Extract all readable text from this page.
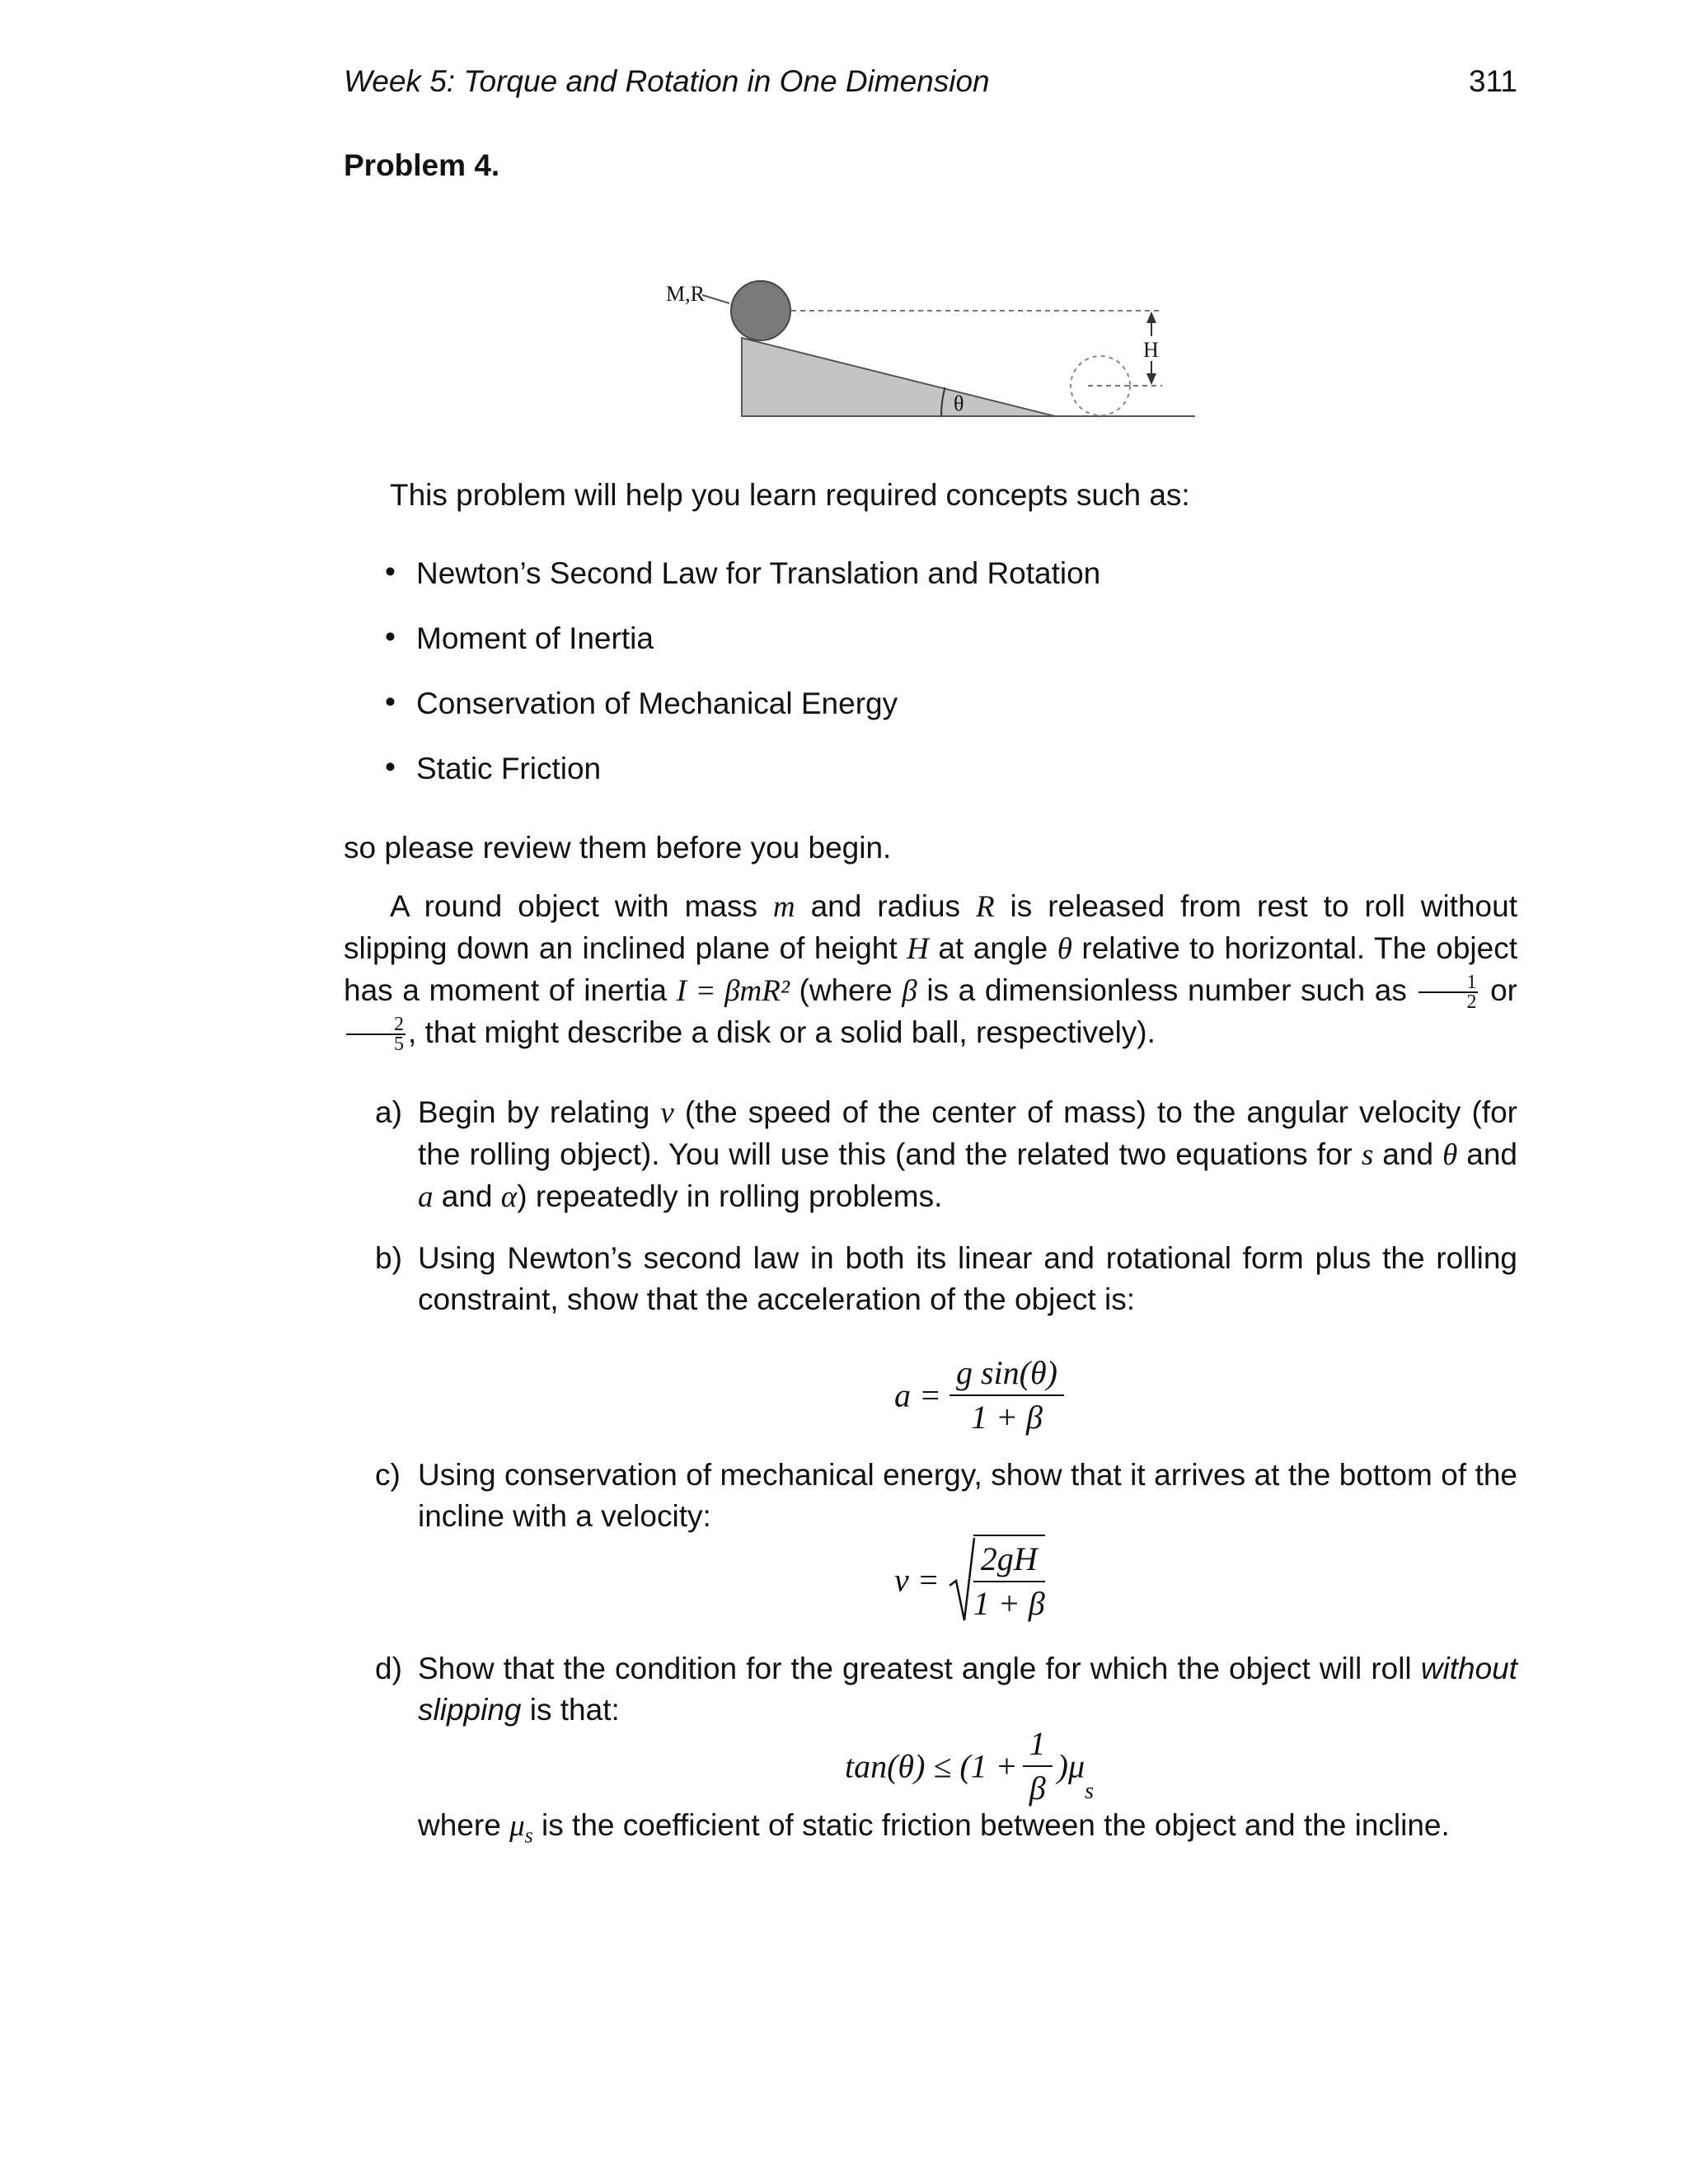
Week 5: Torque and Rotation in One Dimension	311
Problem 4.
M,R
H
θ
This problem will help you learn required concepts such as:
• Newton’s Second Law for Translation and Rotation
• Moment of Inertia
• Conservation of Mechanical Energy
• Static Friction
so please review them before you begin.
A round object with mass m and radius R is released from rest to roll without slipping down an inclined plane of height H at angle θ relative to horizontal. The object has a moment of inertia I = βmR² (where β is a dimensionless number such as $\frac{1}{2}$ or
$\frac{2}{5}$ , that might describe a disk or a solid ball, respectively).
a) Begin by relating v (the speed of the center of mass) to the angular velocity (for the rolling object). You will use this (and the related two equations for s and θ and a and α) repeatedly in rolling problems.
b) Using Newton’s second law in both its linear and rotational form plus the rolling constraint, show that the acceleration of the object is:
$a = \frac{\text{g sin(θ)}}{1 + \beta}$
c) Using conservation of mechanical energy, show that it arrives at the bottom of the incline with a velocity:
$v = \frac{2gH}{1 + \beta}$
d) Show that the condition for the greatest angle for which the object will roll without slipping is that:
$\tan(\theta) \le (1 + \frac{1}{\beta} )\mu_s$
where $\mu_s$ is the coefficient of static friction between the object and the incline.
